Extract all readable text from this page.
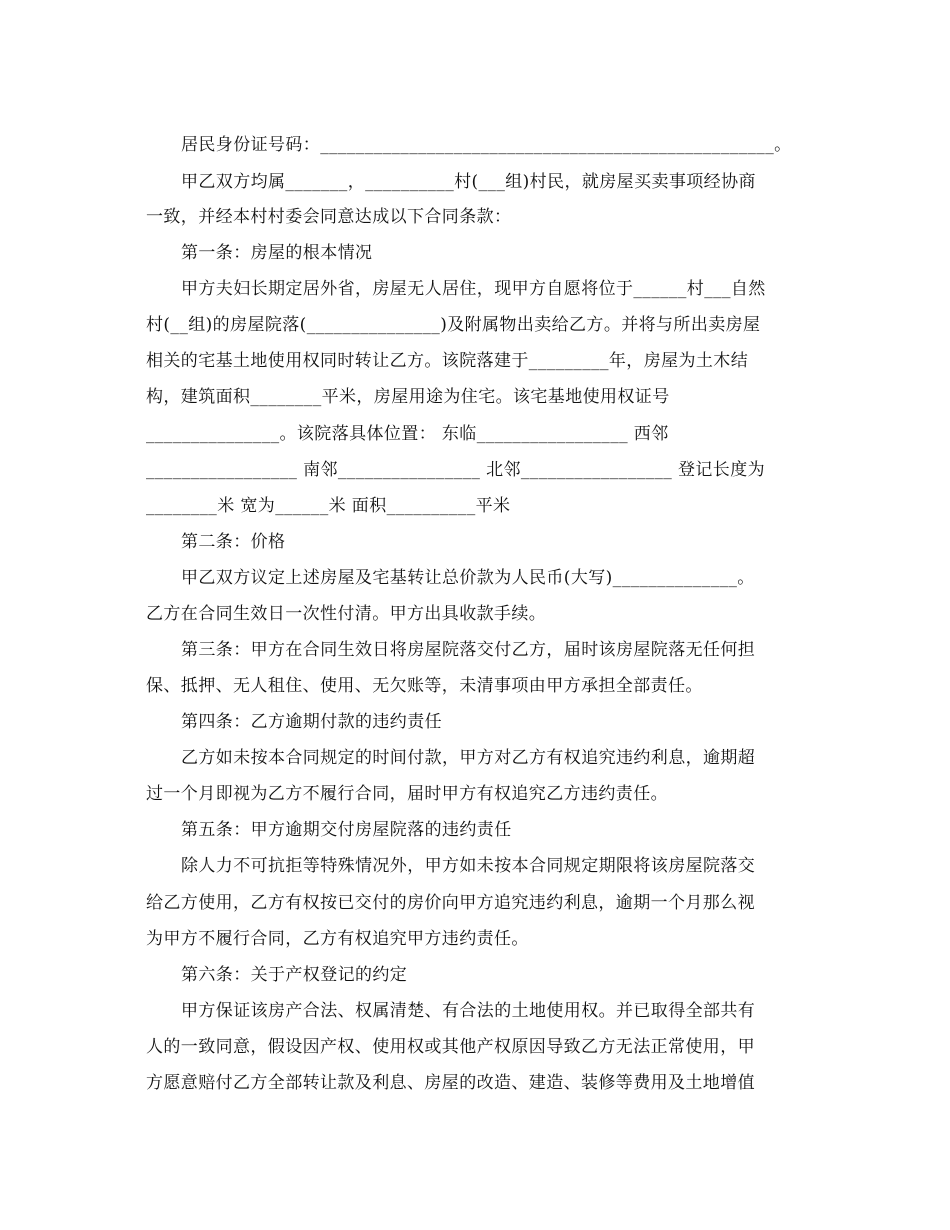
居民身份证号码：___________________________________________________。
甲乙双方均属_______，__________村(___组)村民，就房屋买卖事项经协商
一致，并经本村村委会同意达成以下合同条款：
第一条：房屋的根本情况
甲方夫妇长期定居外省，房屋无人居住，现甲方自愿将位于______村___自然
村(__组)的房屋院落(_______________)及附属物出卖给乙方。并将与所出卖房屋
相关的宅基土地使用权同时转让乙方。该院落建于_________年，房屋为土木结
构，建筑面积________平米，房屋用途为住宅。该宅基地使用权证号
_______________。该院落具体位置： 东临_________________ 西邻
_________________ 南邻________________ 北邻_________________ 登记长度为
________米 宽为______米 面积__________平米
第二条：价格
甲乙双方议定上述房屋及宅基转让总价款为人民币(大写)______________。
乙方在合同生效日一次性付清。甲方出具收款手续。
第三条：甲方在合同生效日将房屋院落交付乙方，届时该房屋院落无任何担
保、抵押、无人租住、使用、无欠账等，未清事项由甲方承担全部责任。
第四条：乙方逾期付款的违约责任
乙方如未按本合同规定的时间付款，甲方对乙方有权追究违约利息，逾期超
过一个月即视为乙方不履行合同，届时甲方有权追究乙方违约责任。
第五条：甲方逾期交付房屋院落的违约责任
除人力不可抗拒等特殊情况外，甲方如未按本合同规定期限将该房屋院落交
给乙方使用，乙方有权按已交付的房价向甲方追究违约利息，逾期一个月那么视
为甲方不履行合同，乙方有权追究甲方违约责任。
第六条：关于产权登记的约定
甲方保证该房产合法、权属清楚、有合法的土地使用权。并已取得全部共有
人的一致同意，假设因产权、使用权或其他产权原因导致乙方无法正常使用，甲
方愿意赔付乙方全部转让款及利息、房屋的改造、建造、装修等费用及土地增值
